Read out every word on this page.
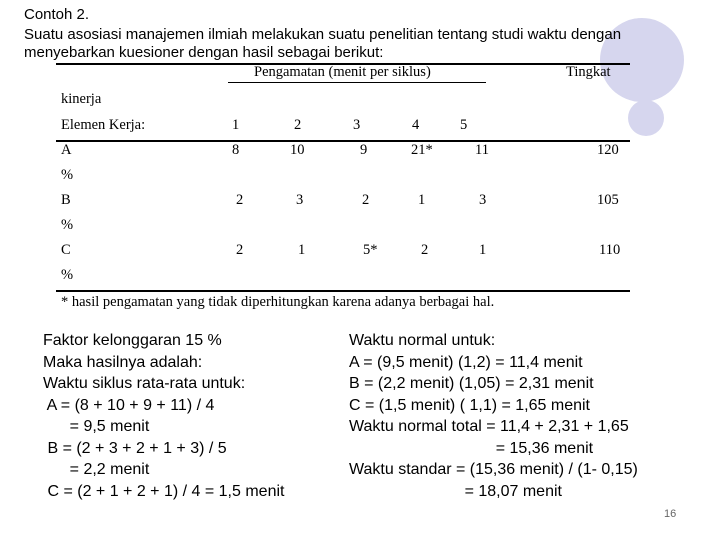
Contoh 2.
Suatu asosiasi manajemen ilmiah melakukan suatu penelitian tentang studi waktu dengan
menyebarkan kuesioner dengan hasil sebagai berikut:
Pengamatan (menit per siklus)	Tingkat
kinerja
Elemen Kerja:	1	2	3	4	5
A	8	10	9	21*	11	120
%
B	2	3	2	1	3	105
%
C	2	1	5*	2	1	110
%
* hasil pengamatan yang tidak diperhitungkan karena adanya berbagai hal.
Faktor kelonggaran 15 %
Maka hasilnya adalah:
Waktu siklus rata-rata untuk:
A = (8 + 10 + 9 + 11) / 4
= 9,5 menit
B = (2 + 3 + 2 + 1 + 3) / 5
= 2,2 menit
C = (2 + 1 + 2 + 1) / 4 = 1,5 menit
Waktu normal untuk:
A = (9,5 menit) (1,2) = 11,4 menit
B = (2,2 menit) (1,05) = 2,31 menit
C = (1,5 menit) ( 1,1) = 1,65 menit
Waktu normal total = 11,4 + 2,31 + 1,65
= 15,36 menit
Waktu standar = (15,36 menit) / (1- 0,15)
= 18,07 menit
16
